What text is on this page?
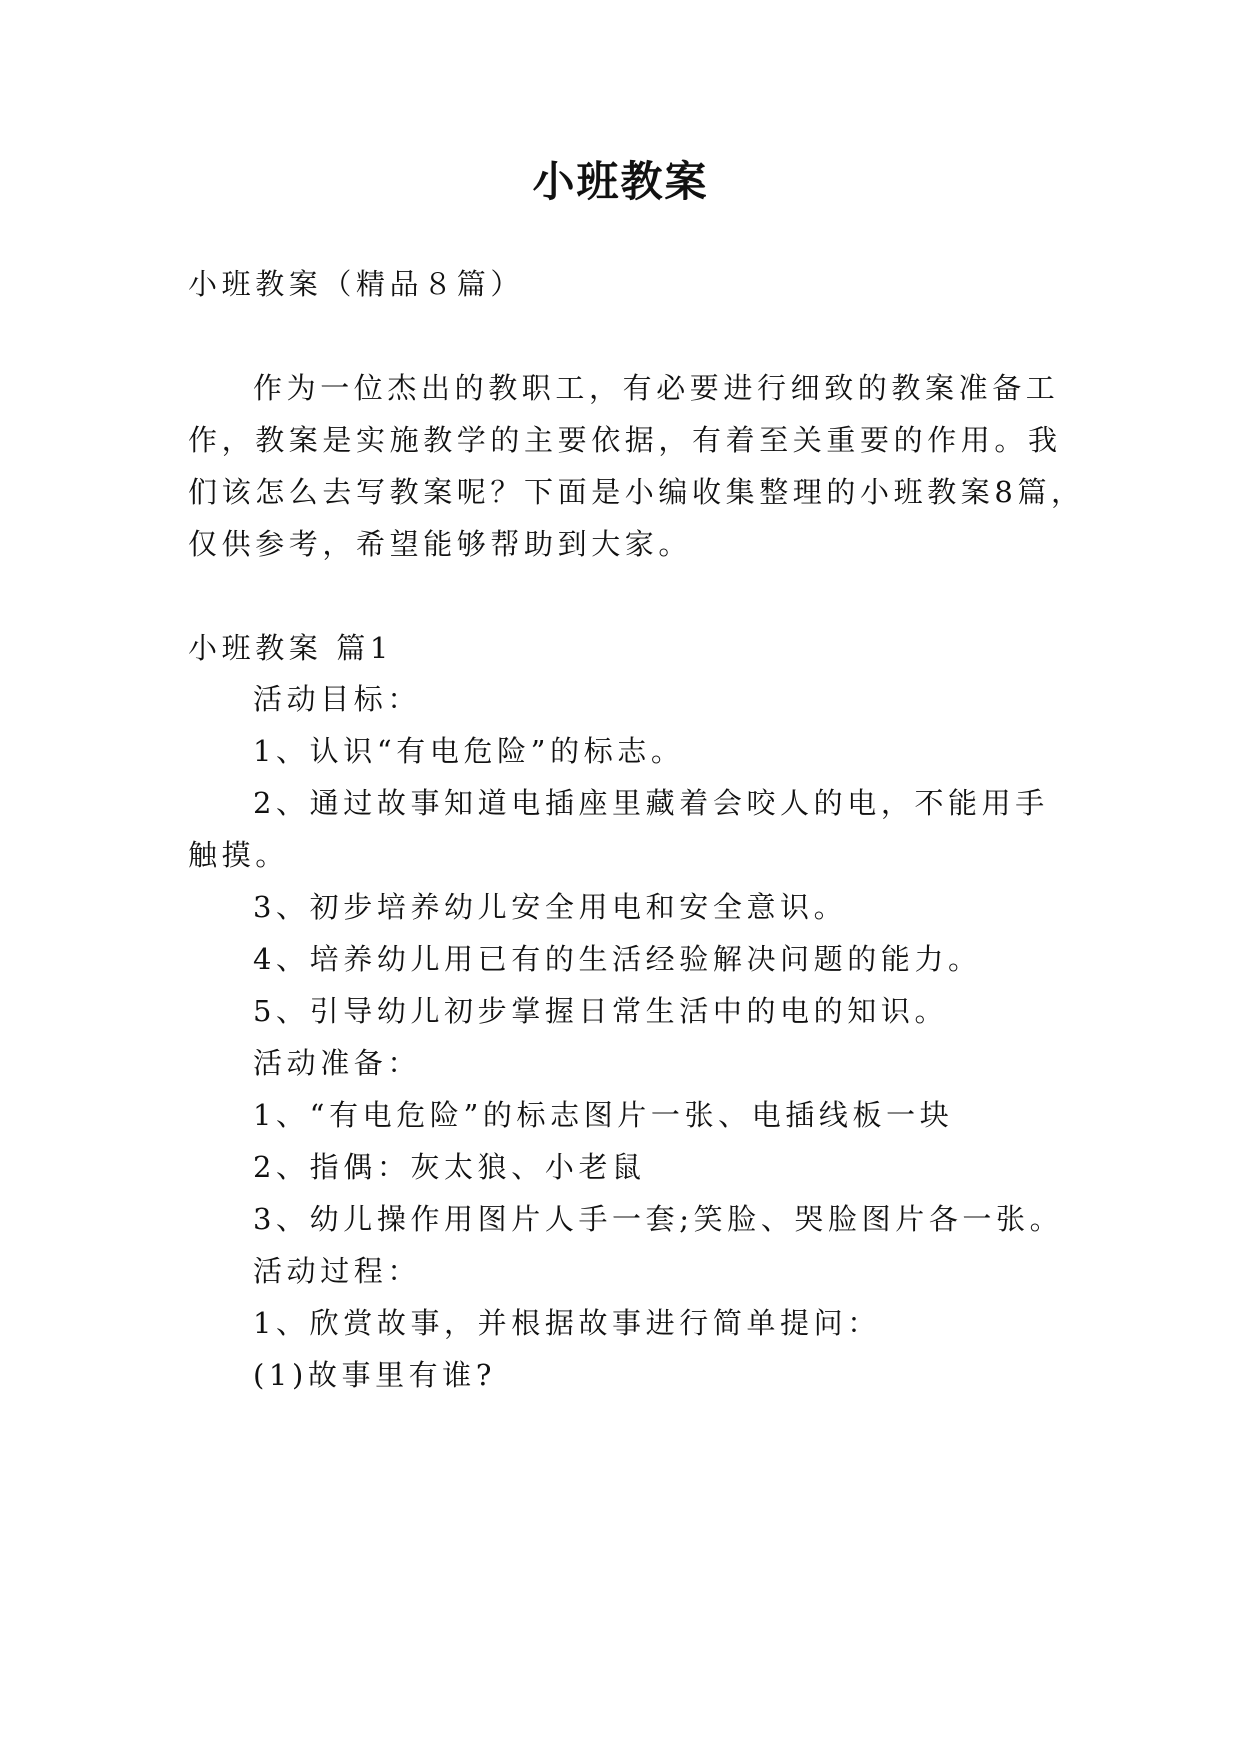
小班教案
小班教案（精品８篇）
作为一位杰出的教职工，有必要进行细致的教案准备工
作，教案是实施教学的主要依据，有着至关重要的作用。我
们该怎么去写教案呢？下面是小编收集整理的小班教案8篇，
仅供参考，希望能够帮助到大家。
小班教案 篇1
活动目标：
1、认识“有电危险”的标志。
2、通过故事知道电插座里藏着会咬人的电，不能用手
触摸。
3、初步培养幼儿安全用电和安全意识。
4、培养幼儿用已有的生活经验解决问题的能力。
5、引导幼儿初步掌握日常生活中的电的知识。
活动准备：
1、“有电危险”的标志图片一张、电插线板一块
2、指偶：灰太狼、小老鼠
3、幼儿操作用图片人手一套;笑脸、哭脸图片各一张。
活动过程：
1、欣赏故事，并根据故事进行简单提问：
(1)故事里有谁?
